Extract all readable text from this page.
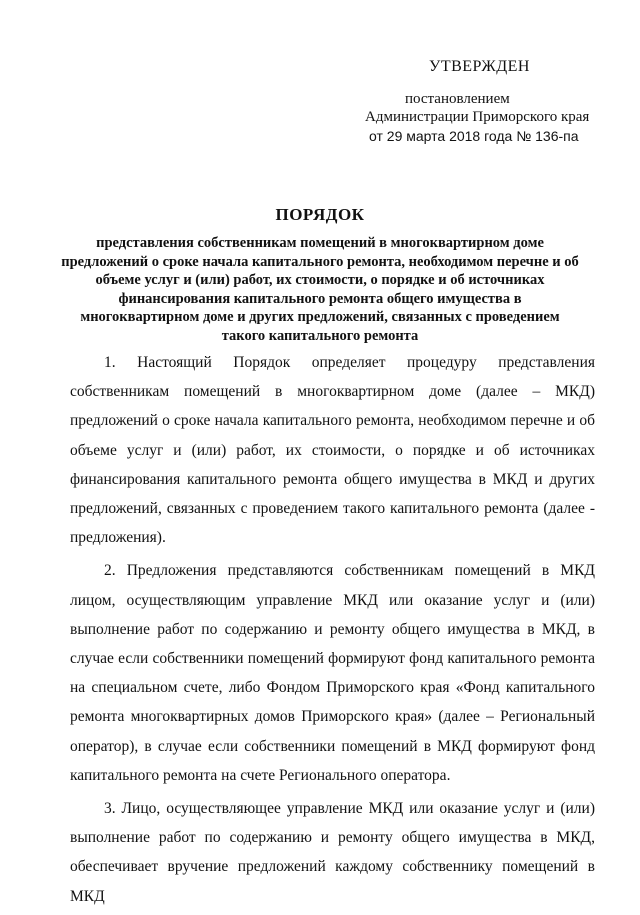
УТВЕРЖДЕН
постановлением
Администрации Приморского края
от 29 марта 2018 года № 136-па
ПОРЯДОК
представления собственникам помещений в многоквартирном доме предложений о сроке начала капитального ремонта, необходимом перечне и об объеме услуг и (или) работ, их стоимости, о порядке и об источниках финансирования капитального ремонта общего имущества в многоквартирном доме и других предложений, связанных с проведением такого капитального ремонта

1. Настоящий Порядок определяет процедуру представления собственникам помещений в многоквартирном доме (далее – МКД) предложений о сроке начала капитального ремонта, необходимом перечне и об объеме услуг и (или) работ, их стоимости, о порядке и об источниках финансирования капитального ремонта общего имущества в МКД и других предложений, связанных с проведением такого капитального ремонта (далее - предложения).

2. Предложения представляются собственникам помещений в МКД лицом, осуществляющим управление МКД или оказание услуг и (или) выполнение работ по содержанию и ремонту общего имущества в МКД, в случае если собственники помещений формируют фонд капитального ремонта на специальном счете, либо Фондом Приморского края «Фонд капитального ремонта многоквартирных домов Приморского края» (далее – Региональный оператор), в случае если собственники помещений в МКД формируют фонд капитального ремонта на счете Регионального оператора.

3. Лицо, осуществляющее управление МКД или оказание услуг и (или) выполнение работ по содержанию и ремонту общего имущества в МКД, обеспечивает вручение предложений каждому собственнику помещений в МКД
